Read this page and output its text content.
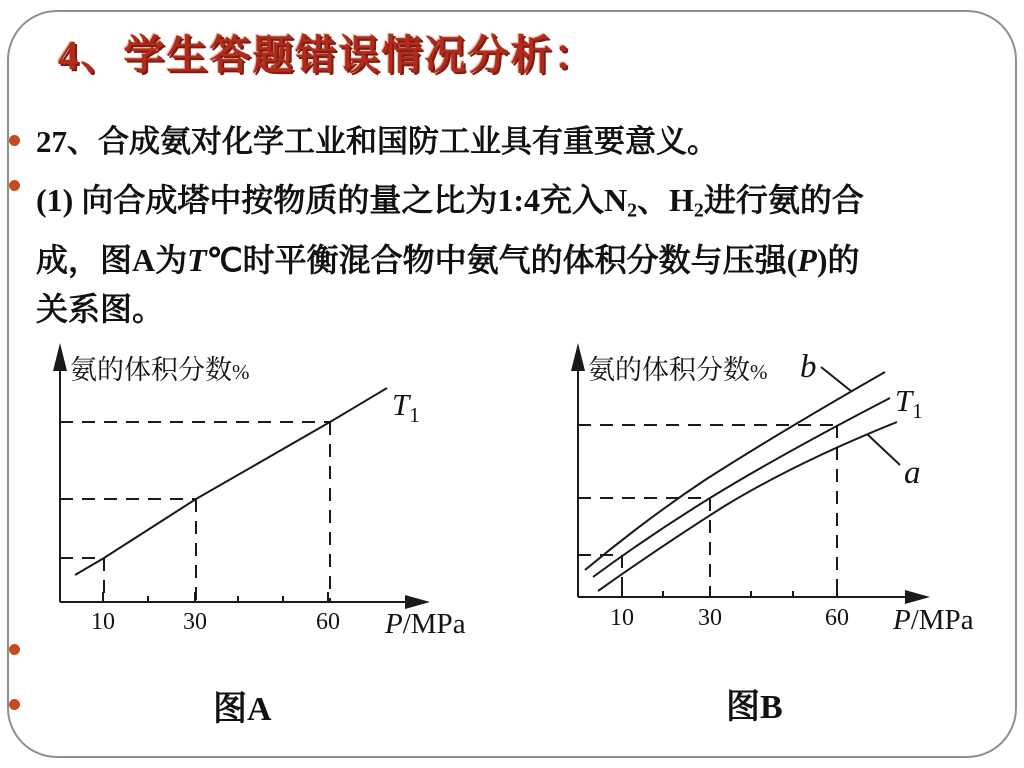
4、学生答题错误情况分析：
27、合成氨对化学工业和国防工业具有重要意义。
(1) 向合成塔中按物质的量之比为1:4充入N2、H2进行氨的合
成，图A为T℃时平衡混合物中氨气的体积分数与压强(P)的
关系图。
氨的体积分数%
$T_1$
10	30	60 P/MPa
氨的体积分数% b
$T_1$
a
10	30	60 P/MPa
图A	图B
